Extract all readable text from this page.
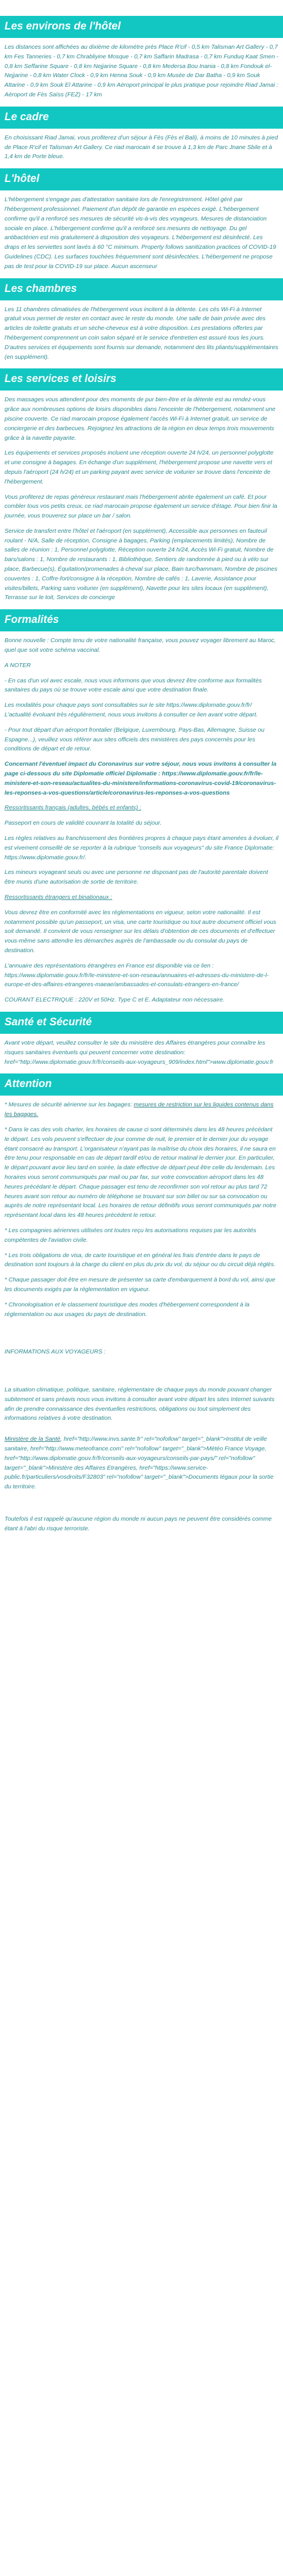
Les environs de l'hôtel

Les distances sont affichées au dixième de kilomètre près Place R'cif - 0,5 km Talisman Art Gallery - 0,7 km Fes Tanneries - 0,7 km Chrabliyine Mosque - 0,7 km Saffarin Madrasa - 0,7 km Funduq Kaat Smen - 0,8 km Seffarine Square - 0,8 km Nejjarine Square - 0,8 km Medersa Bou Inania - 0,8 km Fondouk el-Nejjarine - 0,8 km Water Clock - 0,9 km Henna Souk - 0,9 km Musée de Dar Batha - 0,9 km Souk Attarine - 0,9 km Souk El Attarine - 0,9 km Aéroport principal le plus pratique pour rejoindre Riad Jamai : Aéroport de Fès Saïss (FEZ) - 17 km

Le cadre

En choisissant Riad Jamai, vous profiterez d'un séjour à Fès (Fès el Bali), à moins de 10 minutes à pied de Place R'cif et Talisman Art Gallery. Ce riad marocain 4 se trouve à 1,3 km de Parc Jnane Sbile et à 1,4 km de Porte bleue.

L'hôtel

L'hébergement s'engage pas d'attestation sanitaire lors de l'enregistrement. Hôtel géré par l'hébergement professionnel. Paiement d'un dépôt de garantie en espèces exigé. L'hébergement confirme qu'il a renforcé ses mesures de sécurité vis-à-vis des voyageurs. Mesures de distanciation sociale en place. L'hébergement confirme qu'il a renforcé ses mesures de nettoyage. Du gel antibactérien est mis gratuitement à disposition des voyageurs. L'hébergement est désinfecté. Les draps et les serviettes sont lavés à 60 °C minimum. Property follows sanitization practices of COVID-19 Guidelines (CDC). Les surfaces touchées fréquemment sont désinfectées. L'hébergement ne propose pas de test pour la COVID-19 sur place. Aucun ascenseur

Les chambres

Les 11 chambres climatisées de l'hébergement vous incitent à la détente. Les cés Wi-Fi à Internet gratuit vous permet de rester en contact avec le reste du monde. Une salle de bain privée avec des articles de toilette gratuits et un sèche-cheveux est à votre disposition. Les prestations offertes par l'hébergement comprennent un coin salon séparé et le service d'entretien est assuré tous les jours. D'autres services et équipements sont fournis sur demande, notamment des lits pliants/supplémentaires (en supplément).

Les services et loisirs

Des massages vous attendent pour des moments de pur bien-être et la détente est au rendez-vous grâce aux nombreuses options de loisirs disponibles dans l'enceinte de l'hébergement, notamment une piscine couverte. Ce riad marocain propose également l'accès Wi-Fi à Internet gratuit, un service de conciergerie et des barbecues. Rejoignez les attractions de la région en deux temps trois mouvements grâce à la navette payante.

Les équipements et services proposés incluent une réception ouverte 24 h/24, un personnel polyglotte et une consigne à bagages. En échange d'un supplément, l'hébergement propose une navette vers et depuis l'aéroport (24 h/24) et un parking payant avec service de voiturier se trouve dans l'enceinte de l'hébergement.

Vous profiterez de repas généreux restaurant mais l'hébergement abrite également un café. Et pour combler tous vos petits creux, ce riad marocain propose également un service d'étage. Pour bien finir la journée, vous trouverez sur place un bar / salon.

Service de transfert entre l'hôtel et l'aéroport (en supplément), Accessible aux personnes en fauteuil roulant - N/A, Salle de réception, Consigne à bagages, Parking (emplacements limités), Nombre de salles de réunion : 1, Personnel polyglotte, Réception ouverte 24 h/24, Accès Wi-Fi gratuit, Nombre de bars/salons : 1, Nombre de restaurants : 1, Bibliothèque, Sentiers de randonnée à pied ou à vélo sur place, Barbecue(s), Équitation/promenades à cheval sur place, Bain turc/hammam, Nombre de piscines couvertes : 1, Coffre-fort/consigne à la réception, Nombre de cafés : 1, Laverie, Assistance pour visites/billets, Parking sans voiturier (en supplément), Navette pour les sites locaux (en supplément), Terrasse sur le toit, Services de concierge

Formalités

Bonne nouvelle : Compte tenu de votre nationalité française, vous pouvez voyager librement au Maroc, quel que soit votre schéma vaccinal.

A NOTER

- En cas d'un vol avec escale, nous vous informons que vous devrez être conforme aux formalités sanitaires du pays où se trouve votre escale ainsi que votre destination finale.

Les modalités pour chaque pays sont consultables sur le site https://www.diplomatie.gouv.fr/fr/ L'actualité évoluant très régulièrement, nous vous invitons à consulter ce lien avant votre départ.

- Pour tout départ d'un aéroport frontalier (Belgique, Luxembourg, Pays-Bas, Allemagne, Suisse ou Espagne...), veuillez vous référer aux sites officiels des ministères des pays concernés pour les conditions de départ et de retour.

Concernant l'éventuel impact du Coronavirus sur votre séjour, nous vous invitons à consulter la page ci-dessous du site Diplomatie officiel Diplomatie : https://www.diplomatie.gouv.fr/fr/le-ministere-et-son-reseau/actualites-du-ministere/informations-coronavirus-covid-19/coronavirus-les-reponses-a-vos-questions/article/coronavirus-les-reponses-a-vos-questions

Ressortissants français (adultes, bébés et enfants) :

Passeport en cours de validité couvrant la totalité du séjour.

Les règles relatives au franchissement des frontières propres à chaque pays étant amenées à évoluer, il est vivement conseillé de se reporter à la rubrique "conseils aux voyageurs" du site France Diplomatie: https://www.diplomatie.gouv.fr/.

Les mineurs voyageant seuls ou avec une personne ne disposant pas de l'autorité parentale doivent être munis d'une autorisation de sortie de territoire.

Ressortissants étrangers et binationaux :

Vous devrez être en conformité avec les réglementations en vigueur, selon votre nationalité. Il est notamment possible qu'un passeport, un visa, une carte touristique ou tout autre document officiel vous soit demandé. Il convient de vous renseigner sur les délais d'obtention de ces documents et d'effectuer vous-même sans attendre les démarches auprès de l'ambassade ou du consulat du pays de destination.

L'annuaire des représentations étrangères en France est disponible via ce lien : https://www.diplomatie.gouv.fr/fr/le-ministere-et-son-reseau/annuaires-et-adresses-du-ministere-de-l-europe-et-des-affaires-etrangeres-maeae/ambassades-et-consulats-etrangers-en-france/

COURANT ELECTRIQUE : 220V et 50Hz. Type C et E. Adaptateur non nécessaire.

Santé et Sécurité

Avant votre départ, veuillez consulter le site du ministère des Affaires étrangères pour connaître les risques sanitaires éventuels qui peuvent concerner votre destination: href="http://www.diplomatie.gouv.fr/fr/conseils-aux-voyageurs_909/index.html">www.diplomatie.gouv.fr

Attention

* Mesures de sécurité aérienne sur les bagages: mesures de restriction sur les liquides contenus dans les bagages.

* Dans le cas des vols charter, les horaires de cause ci sont déterminés dans les 48 heures précédant le départ. Les vols peuvent s'effectuer de jour comme de nuit, le premier et le dernier jour du voyage étant consacré au transport. L'organisateur n'ayant pas la maîtrise du choix des horaires, il ne saura en être tenu pour responsable en cas de départ tardif et/ou de retour matinal le dernier jour. En particulier, le départ pouvant avoir lieu tard en soirée, la date effective de départ peut être celle du lendemain. Les horaires vous seront communiqués par mail ou par fax, sur votre convocation aéroport dans les 48 heures précédant le départ. Chaque passager est tenu de reconfirmer son vol retour au plus tard 72 heures avant son retour au numéro de téléphone se trouvant sur son billet ou sur sa convocation ou auprès de notre représentant local. Les horaires de retour définitifs vous seront communiqués par notre représentant local dans les 48 heures précédent le retour.

* Les compagnies aériennes utilisées ont toutes reçu les autorisations requises par les autorités compétentes de l'aviation civile.

* Les trois obligations de visa, de carte touristique et en général les frais d'entrée dans le pays de destination sont toujours à la charge du client en plus du prix du vol, du séjour ou du circuit déjà réglés.

* Chaque passager doit être en mesure de présenter sa carte d'embarquement à bord du vol, ainsi que les documents exigés par la réglementation en vigueur.

* Chronologisation et le classement touristique des modes d'hébergement correspondent à la réglementation ou aux usages du pays de destination.

INFORMATIONS AUX VOYAGEURS :

La situation climatique, politique, sanitaire, réglementaire de chaque pays du monde pouvant changer subitement et sans préavis nous vous invitons à consulter avant votre départ les sites Internet suivants afin de prendre connaissance des éventuelles restrictions, obligations ou tout simplement des informations relatives à votre destination.

Ministère de la Santé, href="http://www.invs.sante.fr" rel="nofollow" target="_blank">Institut de veille sanitaire, href="http://www.meteofrance.com" rel="nofollow" target="_blank">Météo France Voyage, href="http://www.diplomatie.gouv.fr/fr/conseils-aux-voyageurs/conseils-par-pays/" rel="nofollow" target="_blank">Ministère des Affaires Etrangères, href="https://www.service-public.fr/particuliers/vosdroits/F32803" rel="nofollow" target="_blank">Documents légaux pour la sortie du territoire.

Toutefois il est rappelé qu'aucune région du monde ni aucun pays ne peuvent être considérés comme étant à l'abri du risque terroriste.
